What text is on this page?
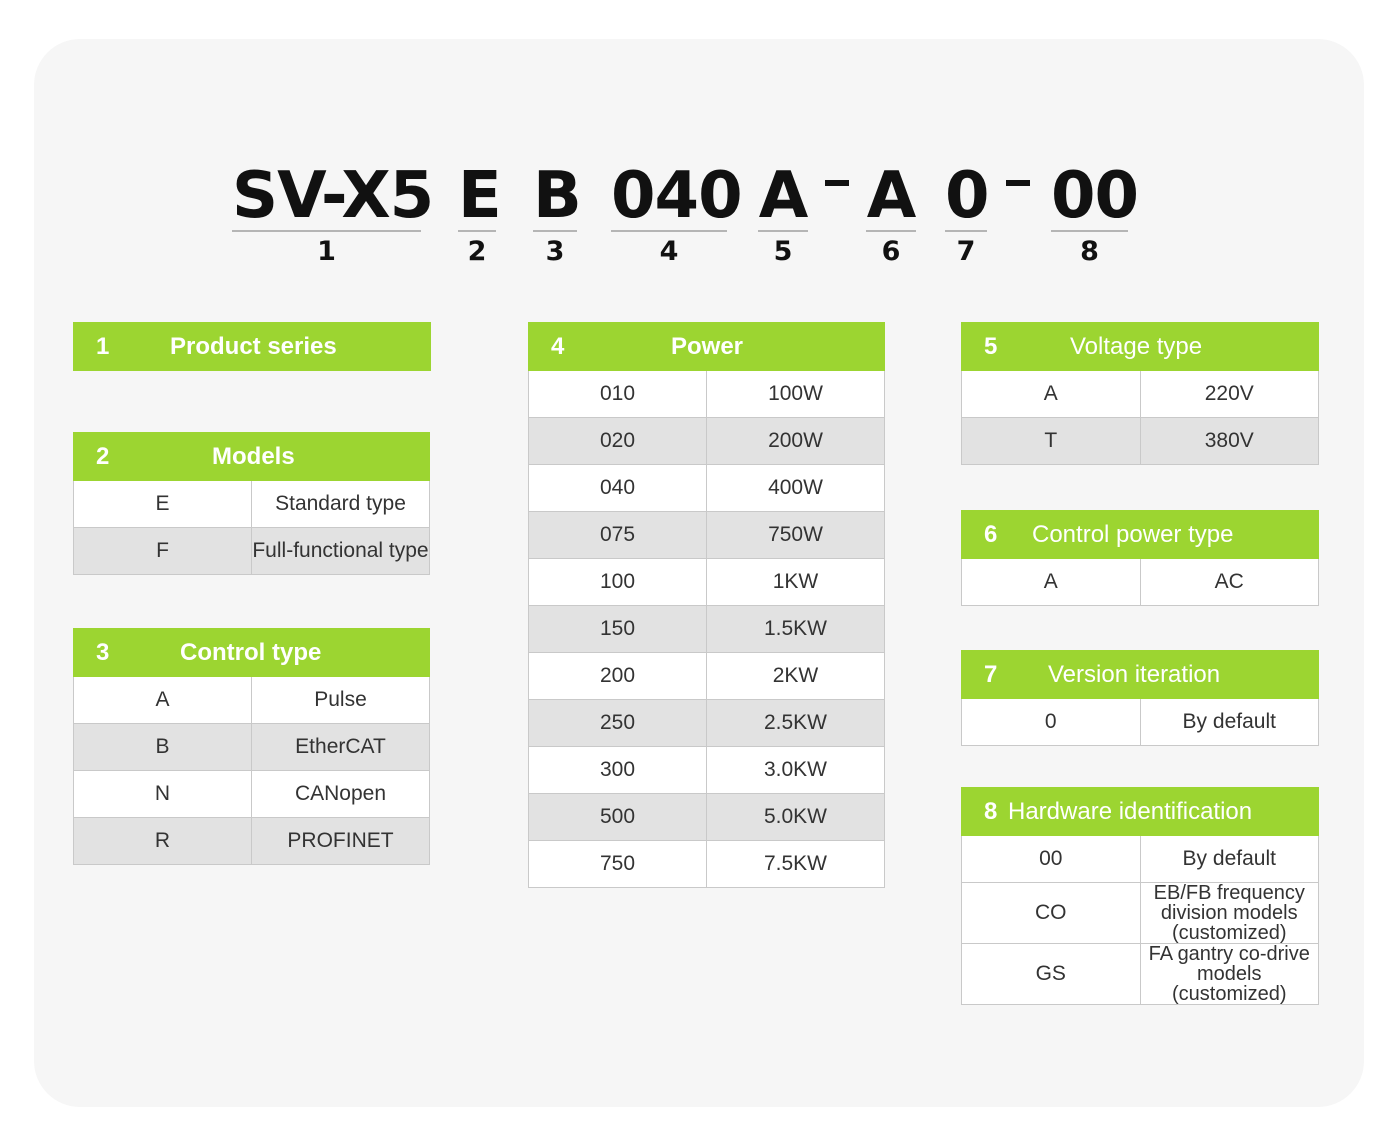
SV-X5
1
E
2
B
3
040
4
A
5
A
6
0
7
00
8
1	Product series
2 Models	
E	Standard type
F	Full-functional type
3 Control type	
A	Pulse
B	EtherCAT
N	CANopen
R	PROFINET
4 Power	
010	100W
020	200W
040	400W
075	750W
100	1KW
150	1.5KW
200	2KW
250	2.5KW
300	3.0KW
500	5.0KW
750	7.5KW
5 Voltage type	
A	220V
T	380V
6 Control power type
A	AC
7 Version iteration
0	By default
8 Hardware identification	
00	By default
CO	EB/FB frequency division models (customized)
GS	FA gantry co-drive models (customized)
